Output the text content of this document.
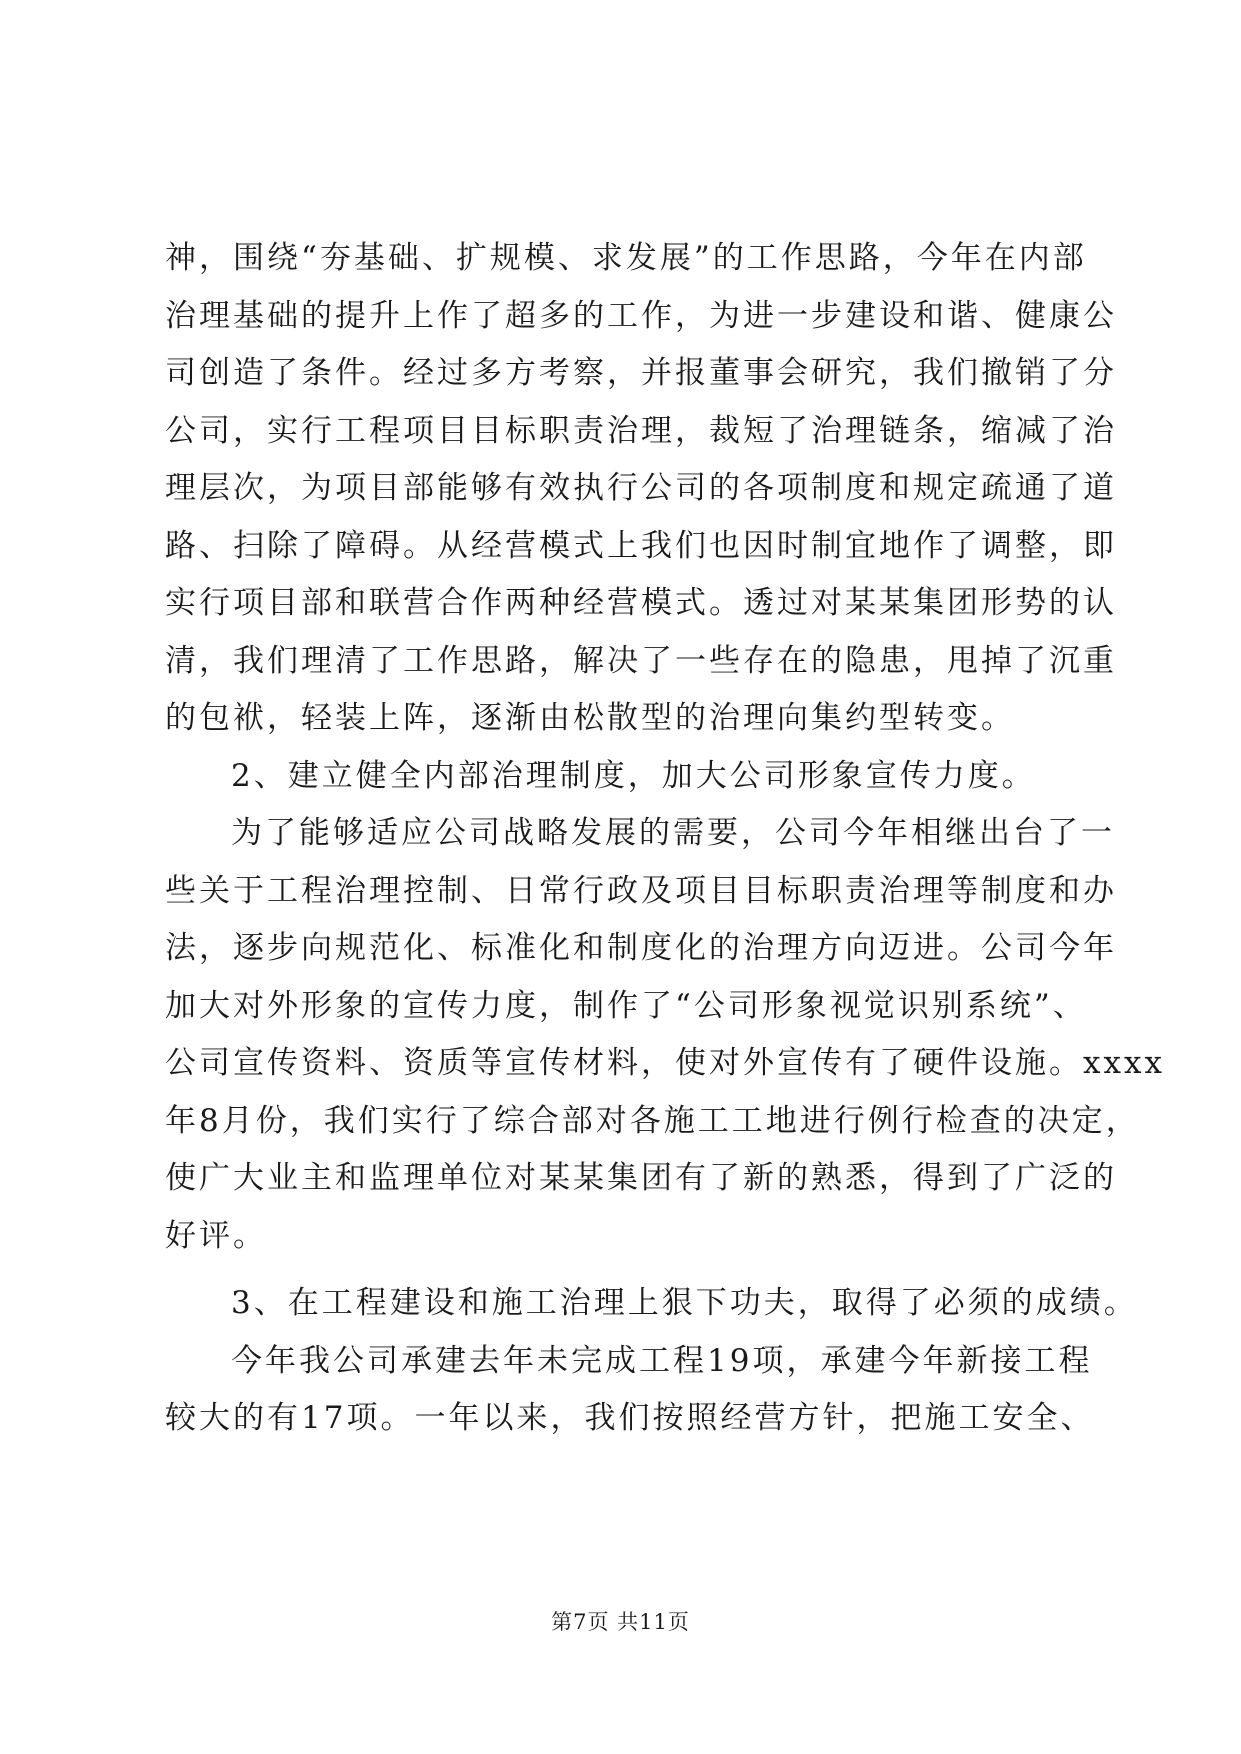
神，围绕“夯基础、扩规模、求发展”的工作思路，今年在内部
治理基础的提升上作了超多的工作，为进一步建设和谐、健康公
司创造了条件。经过多方考察，并报董事会研究，我们撤销了分
公司，实行工程项目目标职责治理，裁短了治理链条，缩减了治
理层次，为项目部能够有效执行公司的各项制度和规定疏通了道
路、扫除了障碍。从经营模式上我们也因时制宜地作了调整，即
实行项目部和联营合作两种经营模式。透过对某某集团形势的认
清，我们理清了工作思路，解决了一些存在的隐患，甩掉了沉重
的包袱，轻装上阵，逐渐由松散型的治理向集约型转变。
2、建立健全内部治理制度，加大公司形象宣传力度。
为了能够适应公司战略发展的需要，公司今年相继出台了一
些关于工程治理控制、日常行政及项目目标职责治理等制度和办
法，逐步向规范化、标准化和制度化的治理方向迈进。公司今年
加大对外形象的宣传力度，制作了“公司形象视觉识别系统”、
公司宣传资料、资质等宣传材料，使对外宣传有了硬件设施。xxxx
年8月份，我们实行了综合部对各施工工地进行例行检查的决定，
使广大业主和监理单位对某某集团有了新的熟悉，得到了广泛的
好评。
3、在工程建设和施工治理上狠下功夫，取得了必须的成绩。
今年我公司承建去年未完成工程19项，承建今年新接工程
较大的有17项。一年以来，我们按照经营方针，把施工安全、
第7页 共11页
